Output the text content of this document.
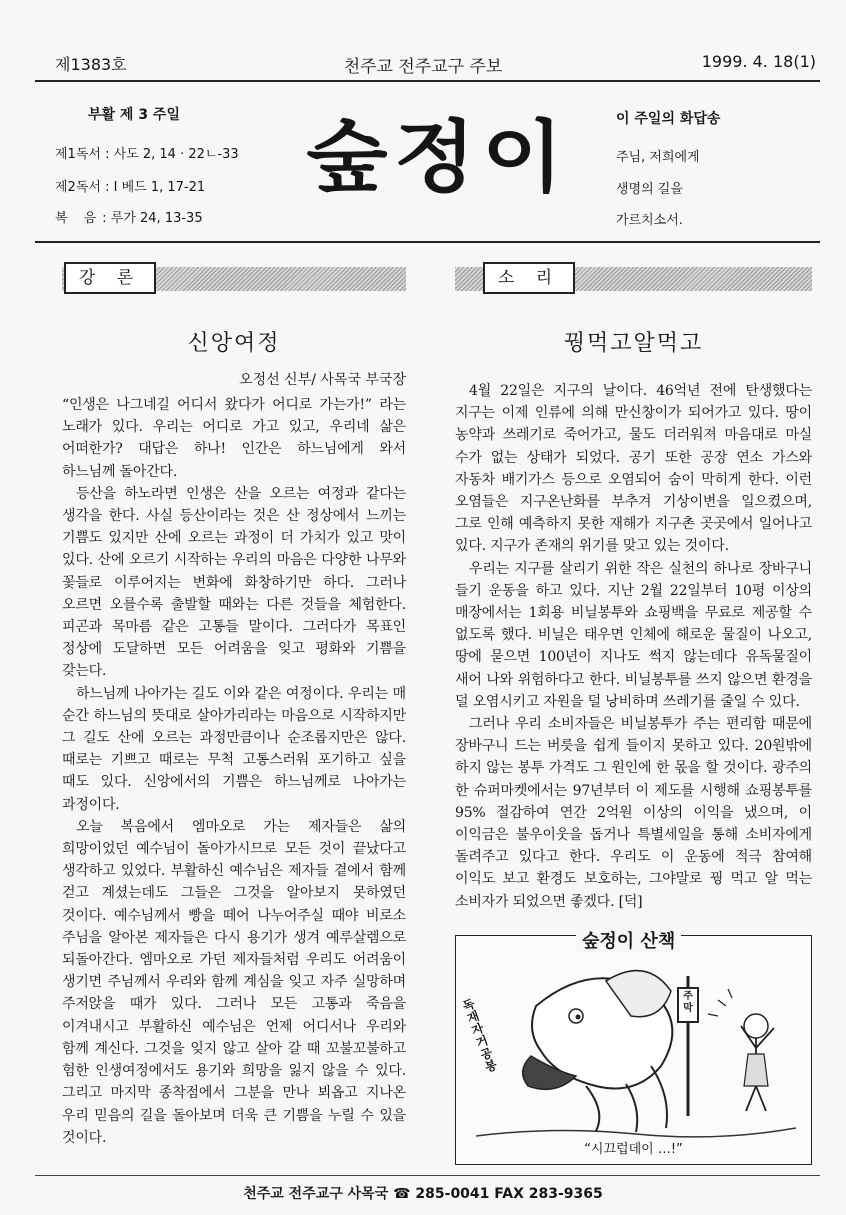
제1383호	천주교 전주교구 주보	1999. 4. 18(1)
부활 제 3 주일
제1독서 : 사도 2, 14 · 22ㄴ-33
제2독서 : I 베드 1, 17-21
복 음: 루가 24, 13-35
숲정이	이 주일의 화답송
주님, 저희에게
생명의 길을
가르치소서.
강 론	소 리
신앙여정
오정선 신부/ 사목국 부국장

“인생은 나그네길 어디서 왔다가 어디로 가는가!” 라는 노래가 있다. 우리는 어디로 가고 있고, 우리네 삶은 어떠한가? 대답은 하나! 인간은 하느님에게 와서 하느님께 돌아간다.

등산을 하노라면 인생은 산을 오르는 여정과 같다는 생각을 한다. 사실 등산이라는 것은 산 정상에서 느끼는 기쁨도 있지만 산에 오르는 과정이 더 가치가 있고 맛이 있다. 산에 오르기 시작하는 우리의 마음은 다양한 나무와 꽃들로 이루어지는 변화에 화창하기만 하다. 그러나 오르면 오를수록 출발할 때와는 다른 것들을 체험한다. 피곤과 목마름 같은 고통들 말이다. 그러다가 목표인 정상에 도달하면 모든 어려움을 잊고 평화와 기쁨을 갖는다.

하느님께 나아가는 길도 이와 같은 여정이다. 우리는 매 순간 하느님의 뜻대로 살아가리라는 마음으로 시작하지만 그 길도 산에 오르는 과정만큼이나 순조롭지만은 않다. 때로는 기쁘고 때로는 무척 고통스러워 포기하고 싶을 때도 있다. 신앙에서의 기쁨은 하느님께로 나아가는 과정이다.

오늘 복음에서 엠마오로 가는 제자들은 삶의 희망이었던 예수님이 돌아가시므로 모든 것이 끝났다고 생각하고 있었다. 부활하신 예수님은 제자들 곁에서 함께 걷고 계셨는데도 그들은 그것을 알아보지 못하였던 것이다. 예수님께서 빵을 떼어 나누어주실 때야 비로소 주님을 알아본 제자들은 다시 용기가 생겨 예루살렘으로 되돌아간다. 엠마오로 가던 제자들처럼 우리도 어려움이 생기면 주님께서 우리와 함께 계심을 잊고 자주 실망하며 주저앉을 때가 있다. 그러나 모든 고통과 죽음을 이겨내시고 부활하신 예수님은 언제 어디서나 우리와 함께 계신다. 그것을 잊지 않고 살아 갈 때 꼬불꼬불하고 험한 인생여정에서도 용기와 희망을 잃지 않을 수 있다. 그리고 마지막 종착점에서 그분을 만나 뵈옵고 지나온 우리 믿음의 길을 돌아보며 더욱 큰 기쁨을 누릴 수 있을 것이다.

꿩먹고알먹고

4월 22일은 지구의 날이다. 46억년 전에 탄생했다는 지구는 이제 인류에 의해 만신창이가 되어가고 있다. 땅이 농약과 쓰레기로 죽어가고, 물도 더러워져 마음대로 마실 수가 없는 상태가 되었다. 공기 또한 공장 연소 가스와 자동차 배기가스 등으로 오염되어 숨이 막히게 한다. 이런 오염들은 지구온난화를 부추겨 기상이변을 일으켰으며, 그로 인해 예측하지 못한 재해가 지구촌 곳곳에서 일어나고 있다. 지구가 존재의 위기를 맞고 있는 것이다.

우리는 지구를 살리기 위한 작은 실천의 하나로 장바구니 들기 운동을 하고 있다. 지난 2월 22일부터 10평 이상의 매장에서는 1회용 비닐봉투와 쇼핑백을 무료로 제공할 수 없도록 했다. 비닐은 태우면 인체에 해로운 물질이 나오고, 땅에 묻으면 100년이 지나도 썩지 않는데다 유독물질이 새어 나와 위험하다고 한다. 비닐봉투를 쓰지 않으면 환경을 덜 오염시키고 자원을 덜 낭비하며 쓰레기를 줄일 수 있다.

그러나 우리 소비자들은 비닐봉투가 주는 편리함 때문에 장바구니 드는 버릇을 쉽게 들이지 못하고 있다. 20원밖에 하지 않는 봉투 가격도 그 원인에 한 몫을 할 것이다. 광주의 한 슈퍼마켓에서는 97년부터 이 제도를 시행해 쇼핑봉투를 95% 절감하여 연간 2억원 이상의 이익을 냈으며, 이 이익금은 불우이웃을 돕거나 특별세일을 통해 소비자에게 돌려주고 있다고 한다. 우리도 이 운동에 적극 참여해 이익도 보고 환경도 보호하는, 그야말로 꿩 먹고 알 먹는 소비자가 되었으면 좋겠다. [덕]

주막
독재자 거공봉
“시끄럽데이 …!”
숲정이 산책
천주교 전주교구 사목국 ☎ 285-0041 FAX 283-9365
